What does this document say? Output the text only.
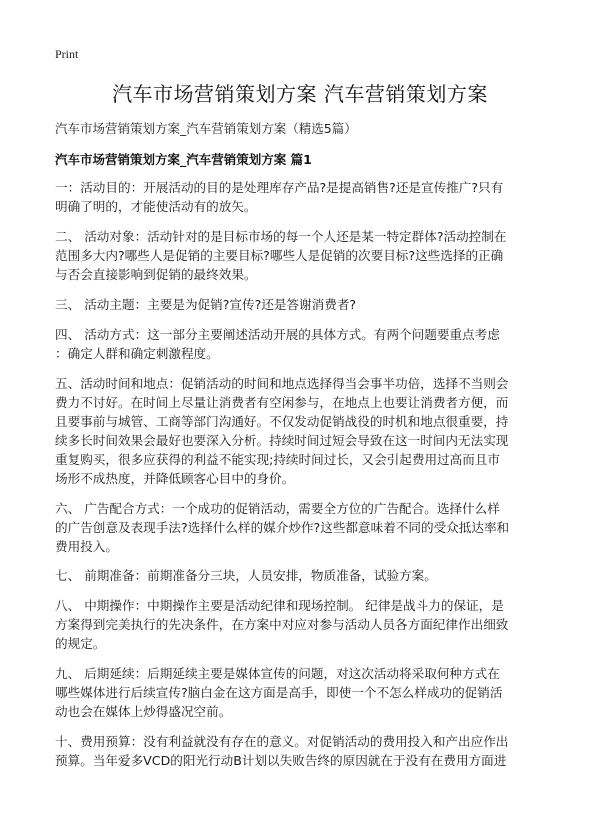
Print
汽车市场营销策划方案 汽车营销策划方案
汽车市场营销策划方案_汽车营销策划方案（精选5篇）
汽车市场营销策划方案_汽车营销策划方案 篇1
一：活动目的：开展活动的目的是处理库存产品?是提高销售?还是宣传推广?只有
明确了明的，才能使活动有的放矢。
二、 活动对象：活动针对的是目标市场的每一个人还是某一特定群体?活动控制在
范围多大内?哪些人是促销的主要目标?哪些人是促销的次要目标?这些选择的正确
与否会直接影响到促销的最终效果。
三、 活动主题：主要是为促销?宣传?还是答谢消费者?
四、 活动方式：这一部分主要阐述活动开展的具体方式。有两个问题要重点考虑
：确定人群和确定刺激程度。
五、活动时间和地点：促销活动的时间和地点选择得当会事半功倍，选择不当则会
费力不讨好。在时间上尽量让消费者有空闲参与，在地点上也要让消费者方便，而
且要事前与城管、工商等部门沟通好。不仅发动促销战役的时机和地点很重要，持
续多长时间效果会最好也要深入分析。持续时间过短会导致在这一时间内无法实现
重复购买，很多应获得的利益不能实现;持续时间过长，又会引起费用过高而且市
场形不成热度，并降低顾客心目中的身价。
六、 广告配合方式：一个成功的促销活动，需要全方位的广告配合。选择什么样
的广告创意及表现手法?选择什么样的媒介炒作?这些都意味着不同的受众抵达率和
费用投入。
七、 前期准备：前期准备分三块，人员安排，物质准备，试验方案。
八、 中期操作：中期操作主要是活动纪律和现场控制。 纪律是战斗力的保证，是
方案得到完美执行的先决条件，在方案中对应对参与活动人员各方面纪律作出细致
的规定。
九、 后期延续：后期延续主要是媒体宣传的问题，对这次活动将采取何种方式在
哪些媒体进行后续宣传?脑白金在这方面是高手，即使一个不怎么样成功的促销活
动也会在媒体上炒得盛况空前。
十、费用预算：没有利益就没有存在的意义。对促销活动的费用投入和产出应作出
预算。当年爱多VCD的阳光行动B计划以失败告终的原因就在于没有在费用方面进
